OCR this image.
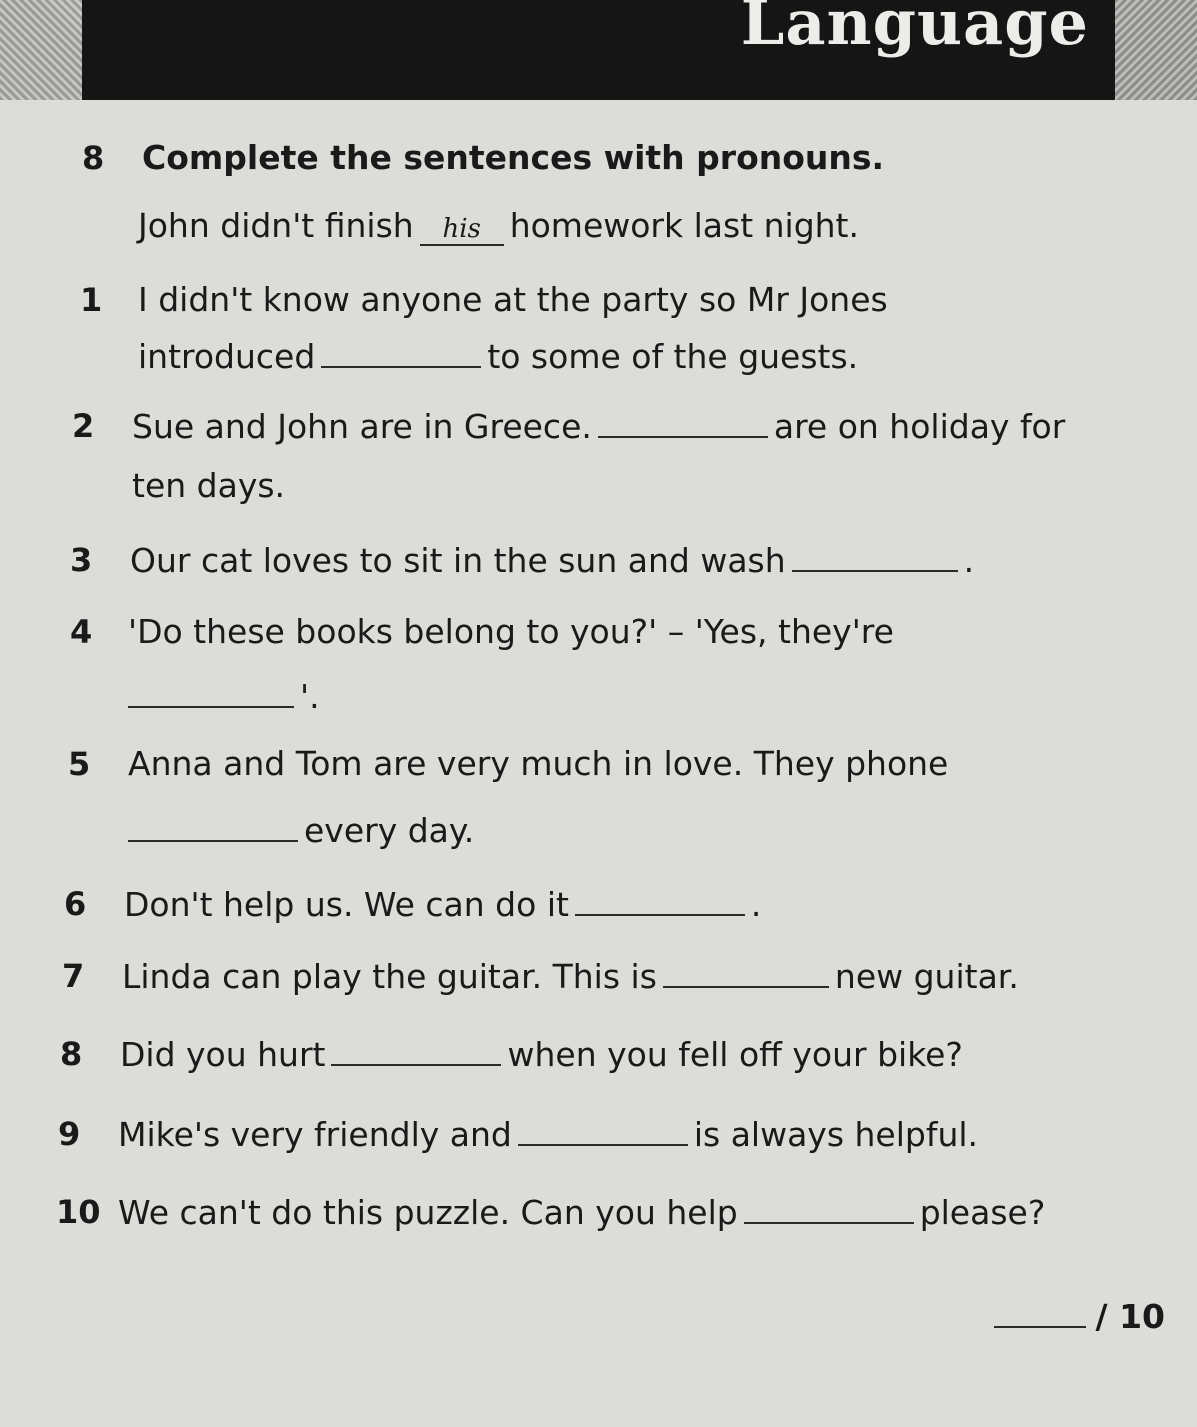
Language
8 Complete the sentences with pronouns.
John didn't finish his homework last night.
1 I didn't know anyone at the party so Mr Jones
introduced	to some of the guests.
2 Sue and John are in Greece.	are on holiday for
ten days.
3 Our cat loves to sit in the sun and wash	.
4 'Do these books belong to you?' – 'Yes, they're
'.
5 Anna and Tom are very much in love. They phone
every day.
6 Don't help us. We can do it	.
7 Linda can play the guitar. This is	new guitar.
8 Did you hurt	when you fell off your bike?
9 Mike's very friendly and	is always helpful.
10 We can't do this puzzle. Can you help	please?
/ 10
